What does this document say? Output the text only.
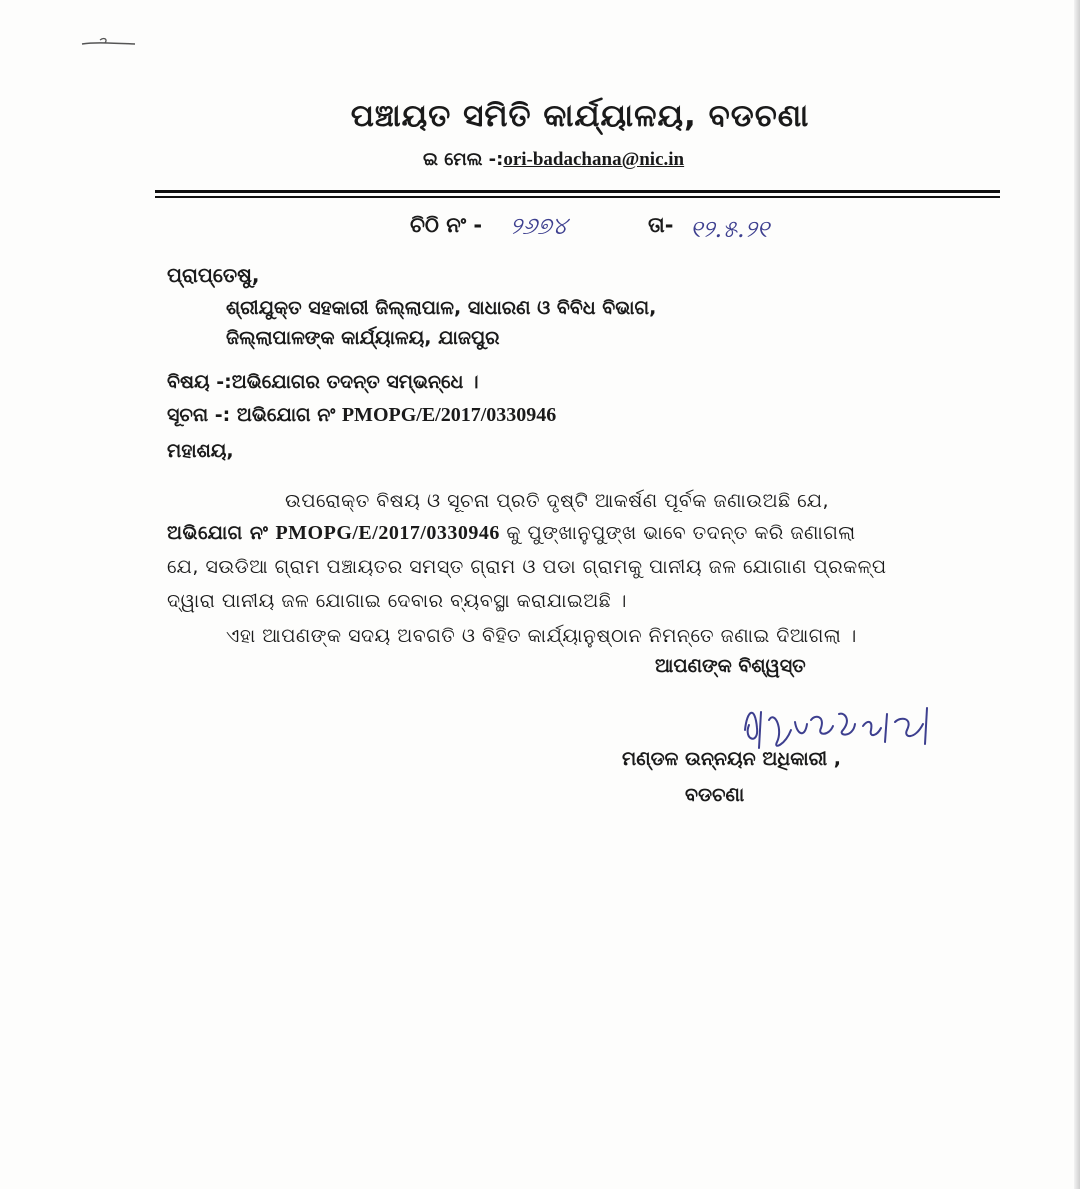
ପଞ୍ଚାୟତ ସମିତି କାର୍ଯ୍ୟାଳୟ, ବଡଚଣା
ଇ ମେଲ -:ori-badachana@nic.in
ଚିଠି ନଂ - ୨୬୭୪	ତା- ୧୨.୫.୨୧
ପ୍ରାପ୍ତେଷୁ,
ଶ୍ରୀଯୁକ୍ତ ସହକାରୀ ଜିଲ୍ଲାପାଳ, ସାଧାରଣ ଓ ବିବିଧ ବିଭାଗ,
ଜିଲ୍ଲାପାଳଙ୍କ କାର୍ଯ୍ୟାଳୟ, ଯାଜପୁର
ବିଷୟ -:ଅଭିଯୋଗର ତଦନ୍ତ ସମ୍ଭନ୍ଧେ ।
ସୂଚନା -: ଅଭିଯୋଗ ନଂ PMOPG/E/2017/0330946
ମହାଶୟ,
ଉପରୋକ୍ତ ବିଷୟ ଓ ସୂଚନା ପ୍ରତି ଦୃଷ୍ଟି ଆକର୍ଷଣ ପୂର୍ବକ ଜଣାଉଅଛି ଯେ,
ଅଭିଯୋଗ ନଂ PMOPG/E/2017/0330946 କୁ ପୁଙ୍ଖାନୁପୁଙ୍ଖ ଭାବେ ତଦନ୍ତ କରି ଜଣାଗଲା
ଯେ, ସଉଡିଆ ଗ୍ରାମ ପଞ୍ଚାୟତର ସମସ୍ତ ଗ୍ରାମ ଓ ପଡା ଗ୍ରାମକୁ ପାନୀୟ ଜଳ ଯୋଗାଣ ପ୍ରକଳ୍ପ
ଦ୍ୱାରା ପାନୀୟ ଜଳ ଯୋଗାଇ ଦେବାର ବ୍ୟବସ୍ଥା କରାଯାଇଅଛି ।
ଏହା ଆପଣଙ୍କ ସଦୟ ଅବଗତି ଓ ବିହିତ କାର୍ଯ୍ୟାନୁଷ୍ଠାନ ନିମନ୍ତେ ଜଣାଇ ଦିଆଗଲା ।
ଆପଣଙ୍କ ବିଶ୍ୱସ୍ତ
ମଣ୍ଡଳ ଉନ୍ନୟନ ଅଧିକାରୀ ,
ବଡଚଣା
